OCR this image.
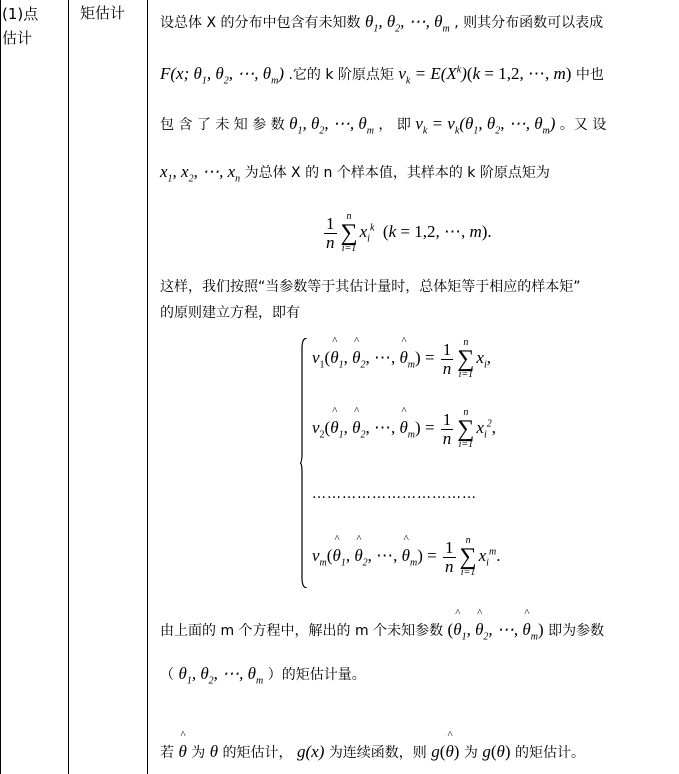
(1)点
估计
矩估计
设总体 X 的分布中包含有未知数 $\theta_1$, $\theta_2$, ⋯, $\theta_m$ , 则其分布函数可以表成
F(x; $\theta_1$, $\theta_2$, ⋯, $\theta_m$) .它的 k 阶原点矩 $v_k = E(X^k)(k = 1,2$, ⋯, m) 中也
包 含 了 未 知 参 数 $\theta_1$, $\theta_2$, ⋯, $\theta_m$ ， 即 $v_k = v_k(\theta_1$, $\theta_2$, ⋯, $\theta_m$) 。又 设
$x_1$, $x_2$, ⋯, $x_n$ 为总体 X 的 n 个样本值，其样本的 k 阶原点矩为
$\frac{1}{n}$	n
∑
i=1
$x_i^k$  (k = 1,2, ⋯, m).
这样，我们按照“当参数等于其估计量时，总体矩等于相应的样本矩”
的原则建立方程，即有
$v_1(\^{}$ $\theta_1$, ^ $\theta_2$, ⋯, ^ $\theta_m) = \frac{1}{n}$	n
∑
i=1
$x_i$,
$v_2(\^{}$ $\theta_1$, ^ $\theta_2$, ⋯, ^ $\theta_m) = \frac{1}{n}$	n
∑
i=1
$x_i^2$,
……………………………
$v_m(\^{}$ $\theta_1$, ^ $\theta_2$, ⋯, ^ $\theta_m) = \frac{1}{n}$	n
∑
i=1
$x_i^m$.
由上面的 m 个方程中，解出的 m 个未知参数 (^ $\theta_1$, ^ $\theta_2$, ⋯, ^ $\theta_m$) 即为参数
（ $\theta_1$, $\theta_2$, ⋯, $\theta_m$ ）的矩估计量。
若 ^ θ 为 θ 的矩估计， g(x) 为连续函数，则 g(^ θ) 为 g(θ) 的矩估计。
